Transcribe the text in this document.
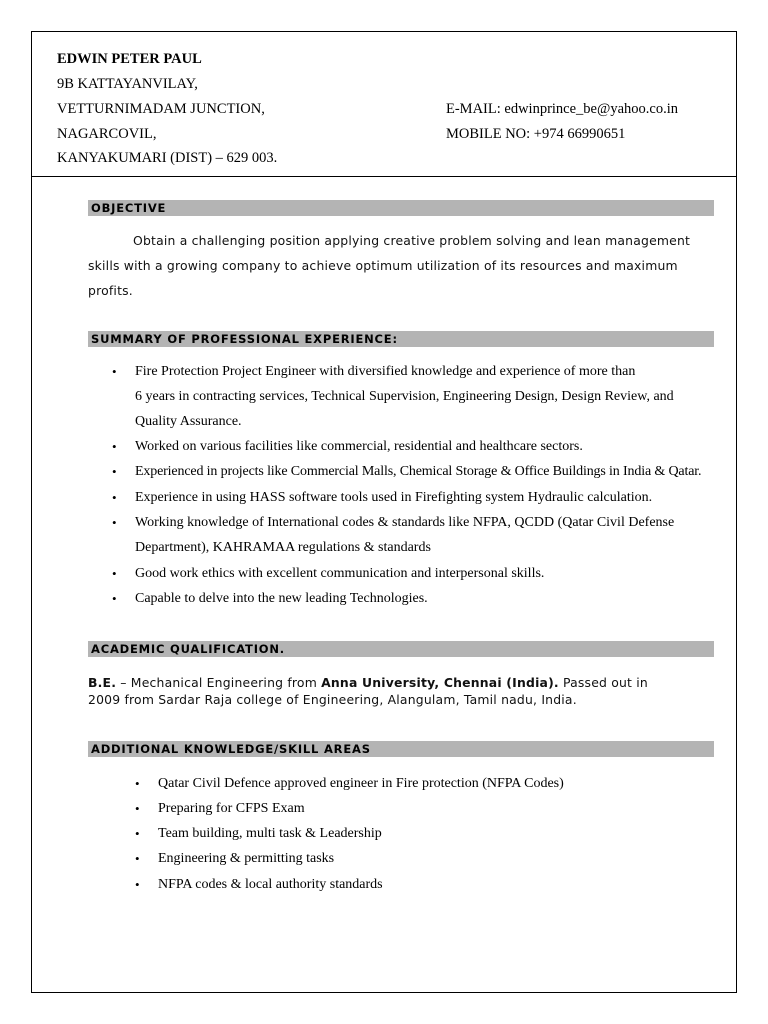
EDWIN PETER PAUL
9B KATTAYANVILAY,
VETTURNIMADAM JUNCTION,
NAGARCOVIL,
KANYAKUMARI (DIST) – 629 003.
E-MAIL: edwinprince_be@yahoo.co.in
MOBILE NO: +974 66990651
OBJECTIVE
Obtain a challenging position applying creative problem solving and lean management
skills with a growing company to achieve optimum utilization of its resources and maximum
profits.
SUMMARY OF PROFESSIONAL EXPERIENCE:
• Fire Protection Project Engineer with diversified knowledge and experience of more than
6 years in contracting services, Technical Supervision, Engineering Design, Design Review, and
Quality Assurance.
• Worked on various facilities like commercial, residential and healthcare sectors.
• Experienced in projects like Commercial Malls, Chemical Storage & Office Buildings in India & Qatar.
• Experience in using HASS software tools used in Firefighting system Hydraulic calculation.
• Working knowledge of International codes & standards like NFPA, QCDD (Qatar Civil Defense
Department), KAHRAMAA regulations & standards
• Good work ethics with excellent communication and interpersonal skills.
• Capable to delve into the new leading Technologies.
ACADEMIC QUALIFICATION.
B.E. – Mechanical Engineering from Anna University, Chennai (India). Passed out in
2009 from Sardar Raja college of Engineering, Alangulam, Tamil nadu, India.
ADDITIONAL KNOWLEDGE/SKILL AREAS
• Qatar Civil Defence approved engineer in Fire protection (NFPA Codes)
• Preparing for CFPS Exam
• Team building, multi task & Leadership
• Engineering & permitting tasks
• NFPA codes & local authority standards
